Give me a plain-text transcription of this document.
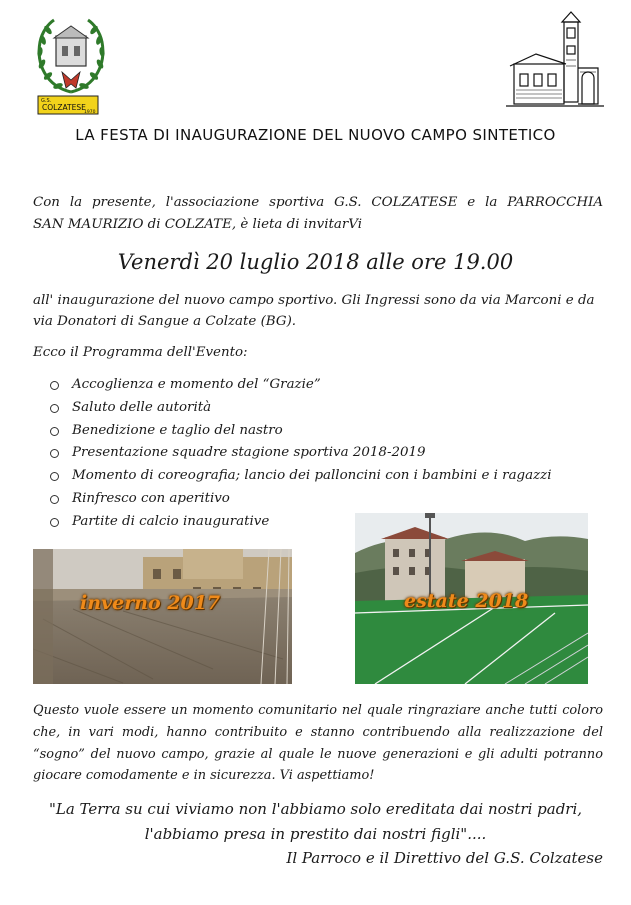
G.S.
COLZATESE
1970
LA FESTA DI INAUGURAZIONE DEL NUOVO CAMPO SINTETICO
Con la presente, l'associazione sportiva G.S. COLZATESE e la PARROCCHIA
SAN MAURIZIO di COLZATE, è lieta di invitarVi
Venerdì 20 luglio 2018 alle ore 19.00
all' inaugurazione del nuovo campo sportivo. Gli Ingressi sono da via Marconi e da via Donatori di Sangue a Colzate (BG).
Ecco il Programma dell'Evento:
Accoglienza e momento del “Grazie”
Saluto delle autorità
Benedizione e taglio del nastro
Presentazione squadre stagione sportiva 2018-2019
Momento di coreografia; lancio dei palloncini con i bambini e i ragazzi
Rinfresco con aperitivo
Partite di calcio inaugurative
inverno 2017	estate 2018
Questo vuole essere un momento comunitario nel quale ringraziare anche tutti coloro che, in vari modi, hanno contribuito e stanno contribuendo alla realizzazione del “sogno” del nuovo campo, grazie al quale le nuove generazioni e gli adulti potranno giocare comodamente e in sicurezza. Vi aspettiamo!
"La Terra su cui viviamo non l'abbiamo solo ereditata dai nostri padri,
l'abbiamo presa in prestito dai nostri figli"....
Il Parroco e il Direttivo del G.S. Colzatese
